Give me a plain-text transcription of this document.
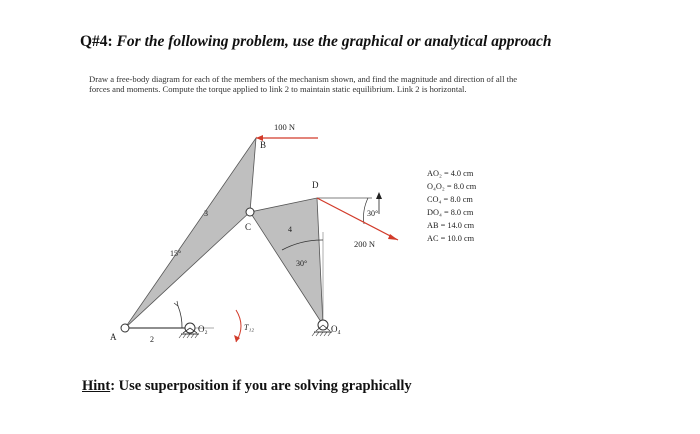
Q#4: For the following problem, use the graphical or analytical approach

Draw a free-body diagram for each of the members of the mechanism shown, and find the magnitude and direction of all the forces and moments. Compute the torque applied to link 2 to maintain static equilibrium. Link 2 is horizontal.

B
D
C
A	2
3
4
O₂	O₄
T₁₂
15°
30°
30°
100 N
200 N
AO₂ = 4.0 cm
O₄O₂ = 8.0 cm
CO₄ = 8.0 cm
DO₄ = 8.0 cm
AB = 14.0 cm
AC = 10.0 cm

Hint: Use superposition if you are solving graphically
